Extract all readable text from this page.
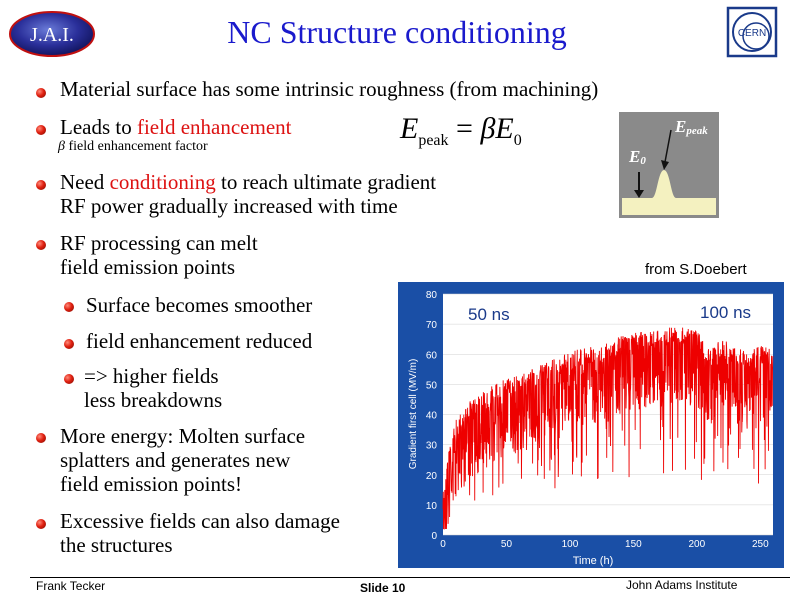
J.A.I.	NC Structure conditioning	CERN
Material surface has some intrinsic roughness (from machining)
Leads to field enhancement
β field enhancement factor
$E_{peak} = \beta E_0$
Epeak
E0
Need conditioning to reach ultimate gradient
RF power gradually increased with time
RF processing can melt
field emission points	from S.Doebert
Surface becomes smoother
field enhancement reduced
=> higher fields
less breakdowns
More energy: Molten surface
splatters and generates new
field emission points!
Excessive fields can also damage
the structures	0
10
20
30
40
50
60
70
80
0	50	100	150	200	250
Time (h)
Gradient first cell (MV/m)
50 ns	100 ns
Frank Tecker	Slide 10	John Adams Institute
